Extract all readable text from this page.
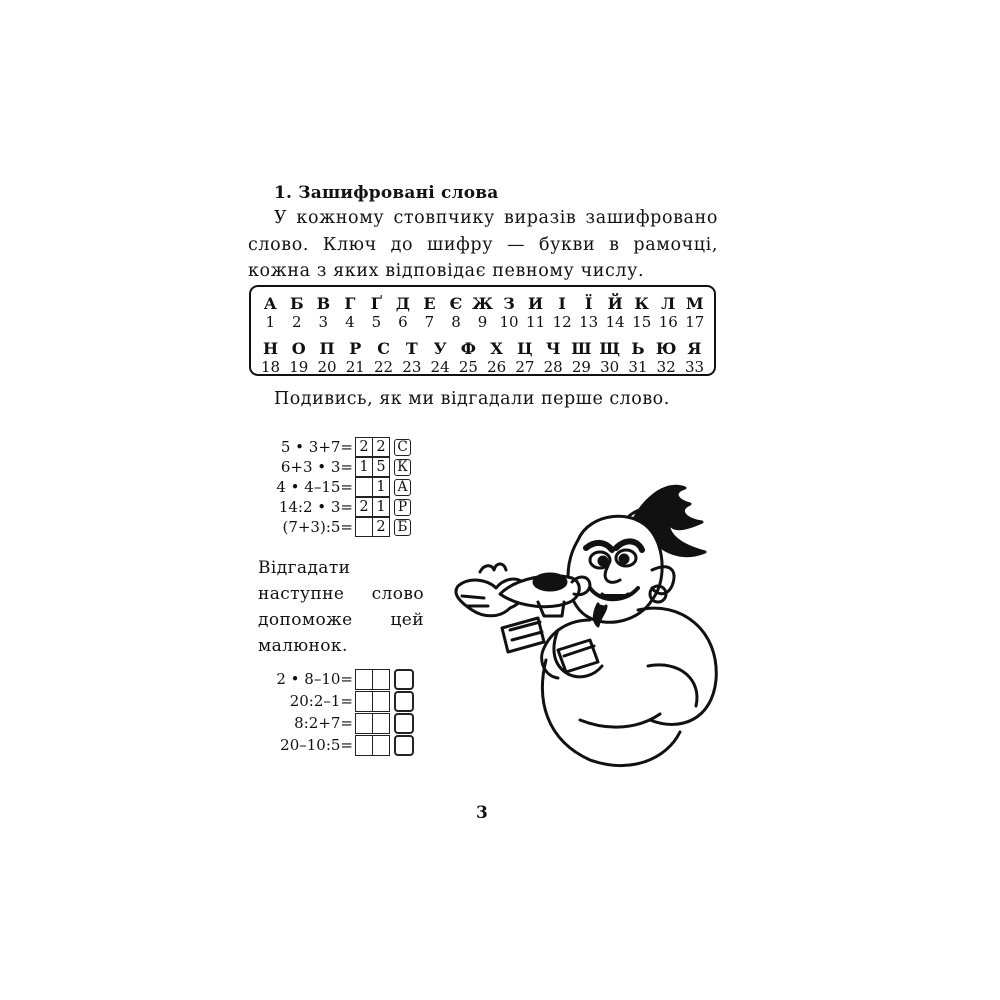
1. Зашифровані слова
У кожному стовпчику виразів зашифровано слово. Ключ до шифру — букви в рамочці, кожна з яких відповідає певному числу.
А
1
Б
2
В
3
Г
4
Ґ
5
Д
6
Е
7
Є
8
Ж
9
З
10
И
11
І
12
Ї
13
Й
14
К
15
Л
16
М
17
Н
18
О
19
П
20
Р
21
С
22
Т
23
У
24
Ф
25
Х
26
Ц
27
Ч
28
Ш
29
Щ
30
Ь
31
Ю
32
Я
33
Подивись, як ми відгадали перше слово.
5 • 3+7= 2 2 С
6+3 • 3= 1 5 К
4 • 4–15=	1 А
14:2 • 3= 2 1 Р
(7+3):5=	2 Б
Відгадати наступне слово допоможе цей малюнок.
2 • 8–10=
20:2–1=
8:2+7=
20–10:5=
3
